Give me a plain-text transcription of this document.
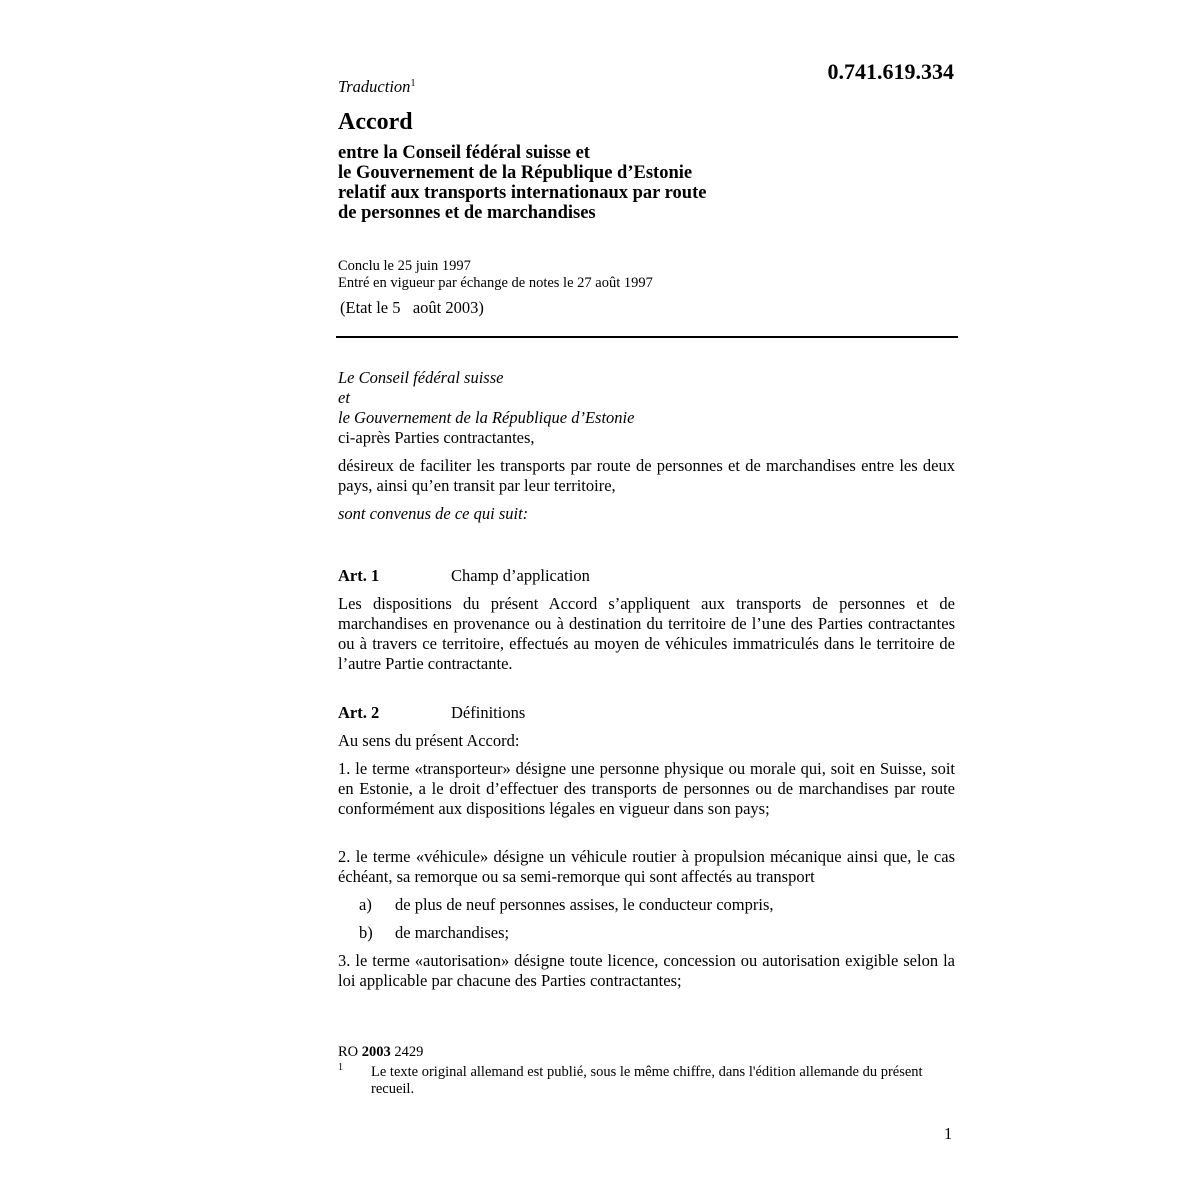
Traduction$^1$	0.741.619.334
Accord
entre la Conseil fédéral suisse et
le Gouvernement de la République d’Estonie
relatif aux transports internationaux par route
de personnes et de marchandises
Conclu le 25 juin 1997
Entré en vigueur par échange de notes le 27 août 1997
(Etat le 5   août 2003)
Le Conseil fédéral suisse
et
le Gouvernement de la République d’Estonie
ci-après Parties contractantes,
désireux de faciliter les transports par route de personnes et de marchandises entre les deux pays, ainsi qu’en transit par leur territoire,
sont convenus de ce qui suit:
Art. 1	Champ d’application
Les dispositions du présent Accord s’appliquent aux transports de personnes et de marchandises en provenance ou à destination du territoire de l’une des Parties contractantes ou à travers ce territoire, effectués au moyen de véhicules immatriculés dans le territoire de l’autre Partie contractante.
Art. 2	Définitions
Au sens du présent Accord:
1. le terme «transporteur» désigne une personne physique ou morale qui, soit en Suisse, soit en Estonie, a le droit d’effectuer des transports de personnes ou de marchandises par route conformément aux dispositions légales en vigueur dans son pays;
2. le terme «véhicule» désigne un véhicule routier à propulsion mécanique ainsi que, le cas échéant, sa remorque ou sa semi-remorque qui sont affectés au transport
a) de plus de neuf personnes assises, le conducteur compris,
b) de marchandises;
3. le terme «autorisation» désigne toute licence, concession ou autorisation exigible selon la loi applicable par chacune des Parties contractantes;
RO 2003 2429
1 Le texte original allemand est publié, sous le même chiffre, dans l'édition allemande du présent recueil.
1
